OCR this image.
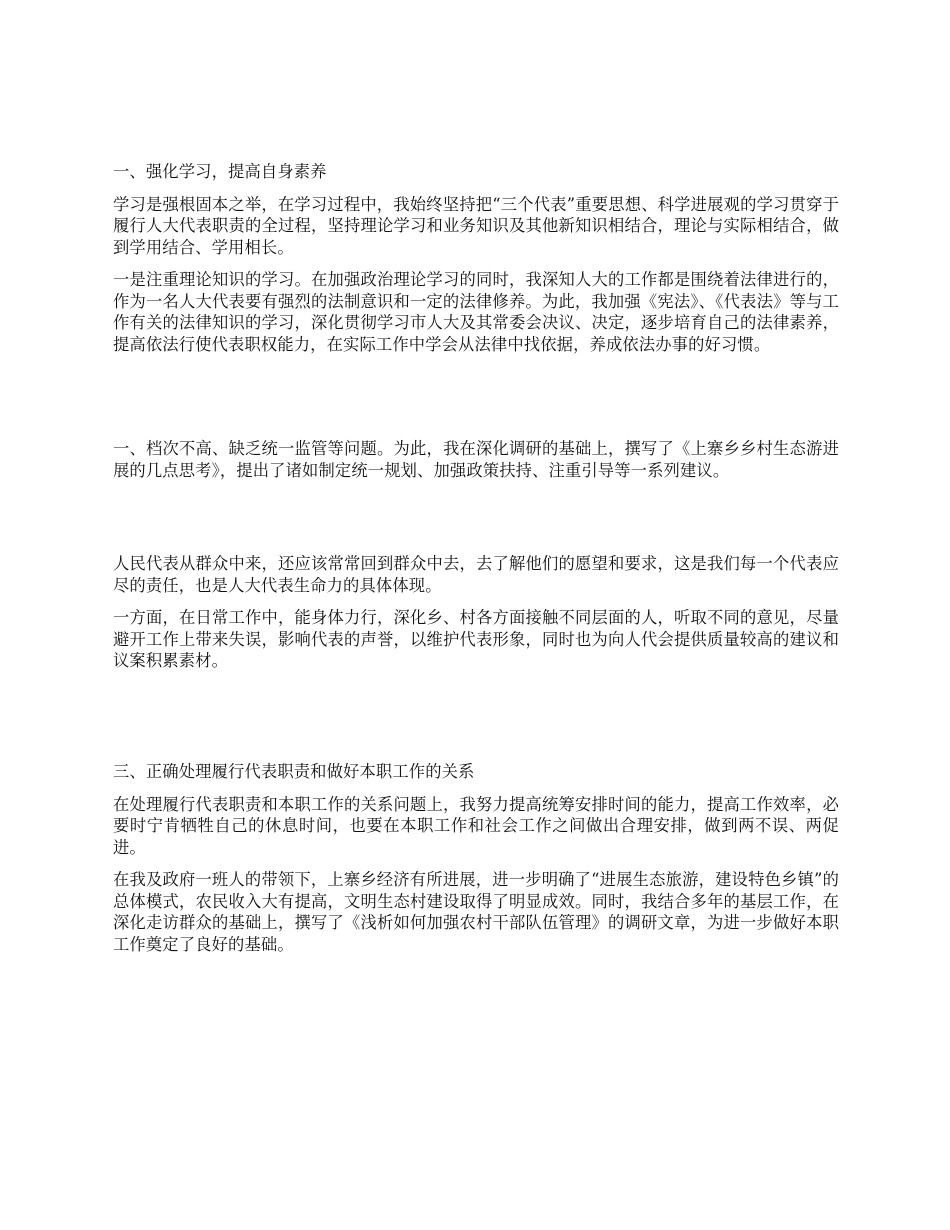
一、强化学习，提高自身素养

学习是强根固本之举，在学习过程中，我始终坚持把“三个代表”重要思想、科学进展观的学习贯穿于履行人大代表职责的全过程，坚持理论学习和业务知识及其他新知识相结合，理论与实际相结合，做到学用结合、学用相长。

一是注重理论知识的学习。在加强政治理论学习的同时，我深知人大的工作都是围绕着法律进行的，作为一名人大代表要有强烈的法制意识和一定的法律修养。为此，我加强《宪法》、《代表法》等与工作有关的法律知识的学习，深化贯彻学习市人大及其常委会决议、决定，逐步培育自己的法律素养，提高依法行使代表职权能力，在实际工作中学会从法律中找依据，养成依法办事的好习惯。

一、档次不高、缺乏统一监管等问题。为此，我在深化调研的基础上，撰写了《上寨乡乡村生态游进展的几点思考》，提出了诸如制定统一规划、加强政策扶持、注重引导等一系列建议。

人民代表从群众中来，还应该常常回到群众中去，去了解他们的愿望和要求，这是我们每一个代表应尽的责任，也是人大代表生命力的具体体现。

一方面，在日常工作中，能身体力行，深化乡、村各方面接触不同层面的人，听取不同的意见，尽量避开工作上带来失误，影响代表的声誉，以维护代表形象，同时也为向人代会提供质量较高的建议和议案积累素材。

三、正确处理履行代表职责和做好本职工作的关系

在处理履行代表职责和本职工作的关系问题上，我努力提高统筹安排时间的能力，提高工作效率，必要时宁肯牺牲自己的休息时间，也要在本职工作和社会工作之间做出合理安排，做到两不误、两促进。

在我及政府一班人的带领下，上寨乡经济有所进展，进一步明确了“进展生态旅游，建设特色乡镇”的总体模式，农民收入大有提高，文明生态村建设取得了明显成效。同时，我结合多年的基层工作，在深化走访群众的基础上，撰写了《浅析如何加强农村干部队伍管理》的调研文章，为进一步做好本职工作奠定了良好的基础。
